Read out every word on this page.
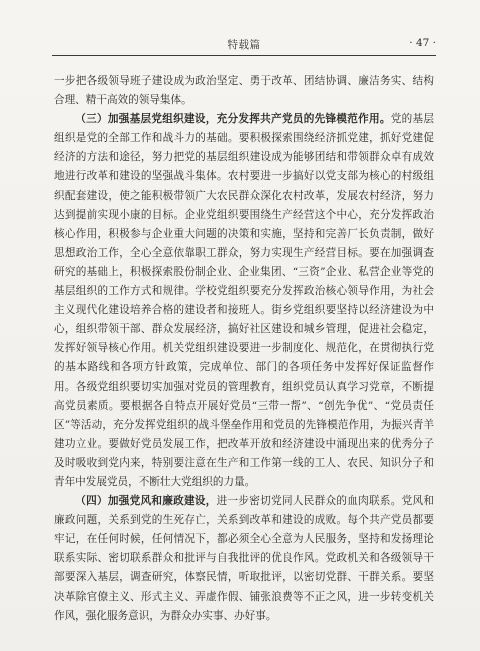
特载篇	· 47 ·

一步把各级领导班子建设成为政治坚定、勇于改革、团结协调、廉洁务实、结构合理、精干高效的领导集体。

（三）加强基层党组织建设，充分发挥共产党员的先锋模范作用。党的基层组织是党的全部工作和战斗力的基础。要积极探索围绕经济抓党建，抓好党建促经济的方法和途径，努力把党的基层组织建设成为能够团结和带领群众卓有成效地进行改革和建设的坚强战斗集体。农村要进一步搞好以党支部为核心的村级组织配套建设，使之能积极带领广大农民群众深化农村改革，发展农村经济，努力达到提前实现小康的目标。企业党组织要围绕生产经营这个中心，充分发挥政治核心作用，积极参与企业重大问题的决策和实施，坚持和完善厂长负责制，做好思想政治工作，全心全意依靠职工群众，努力实现生产经营目标。要在加强调查研究的基础上，积极探索股份制企业、企业集团、“三资”企业、私营企业等党的基层组织的工作方式和规律。学校党组织要充分发挥政治核心领导作用，为社会主义现代化建设培养合格的建设者和接班人。街乡党组织要坚持以经济建设为中心，组织带领干部、群众发展经济，搞好社区建设和城乡管理，促进社会稳定，发挥好领导核心作用。机关党组织建设要进一步制度化、规范化，在贯彻执行党的基本路线和各项方针政策，完成单位、部门的各项任务中发挥好保证监督作用。各级党组织要切实加强对党员的管理教育，组织党员认真学习党章，不断提高党员素质。要根据各自特点开展好党员“三带一帮”、“创先争优”、“党员责任区”等活动，充分发挥党组织的战斗堡垒作用和党员的先锋模范作用，为振兴青羊建功立业。要做好党员发展工作，把改革开放和经济建设中涌现出来的优秀分子及时吸收到党内来，特别要注意在生产和工作第一线的工人、农民、知识分子和青年中发展党员，不断壮大党组织的力量。

（四）加强党风和廉政建设，进一步密切党同人民群众的血肉联系。党风和廉政问题，关系到党的生死存亡，关系到改革和建设的成败。每个共产党员都要牢记，在任何时候，任何情况下，都必须全心全意为人民服务，坚持和发扬理论联系实际、密切联系群众和批评与自我批评的优良作风。党政机关和各级领导干部要深入基层，调查研究，体察民情，听取批评，以密切党群、干群关系。要坚决革除官僚主义、形式主义、弄虚作假、铺张浪费等不正之风，进一步转变机关作风，强化服务意识，为群众办实事、办好事。
